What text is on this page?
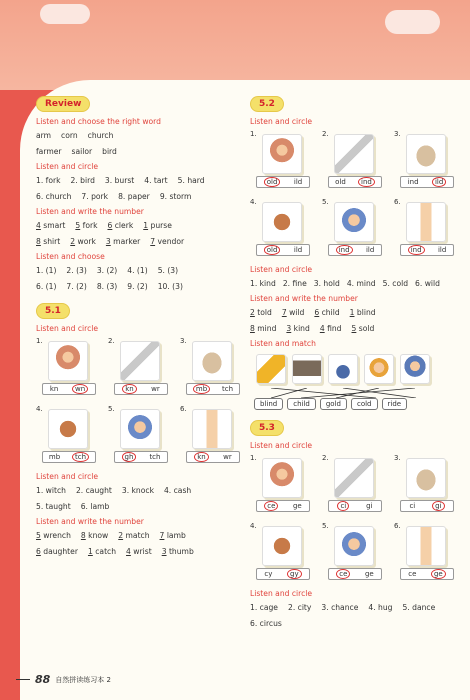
Review
Listen and choose the right word
arm corn church
farmer sailor bird
Listen and circle
1. fork 2. bird 3. burst 4. tart 5. hard
6. church 7. pork 8. paper 9. storm
Listen and write the number
4 smart 5 fork 6 clerk 1 purse
8 shirt 2 work 3 marker 7 vendor
Listen and choose
1. (1) 2. (3) 3. (2) 4. (1) 5. (3)
6. (1) 7. (2) 8. (3) 9. (2) 10. (3)
5.1
Listen and circle
1.
kn	wn
2.
kn	wr
3.
mb	tch
4.
mb	tch
5.
gh	tch
6.
kn	wr
Listen and circle
1. witch 2. caught 3. knock 4. cash
5. taught 6. lamb
Listen and write the number
5 wrench 8 know 2 match 7 lamb
6 daughter 1 catch 4 wrist 3 thumb
5.2
Listen and circle
1.
old	ild
2.
old	ind
3.
ind	ild
4.
old	ild
5.
ind	ild
6.
ind	ild
Listen and circle
1. kind 2. fine 3. hold 4. mind 5. cold 6. wild
Listen and write the number
2 told 7 wild 6 child 1 blind
8 mind 3 kind 4 find 5 sold
Listen and match
blind	child	gold	cold	ride
5.3
Listen and circle
1.
ce	ge
2.
ci	gi
3.
ci	gi
4.
cy	gy
5.
ce	ge
6.
ce	ge
Listen and circle
1. cage 2. city 3. chance 4. hug 5. dance
6. circus
88 自然拼读练习本 2
